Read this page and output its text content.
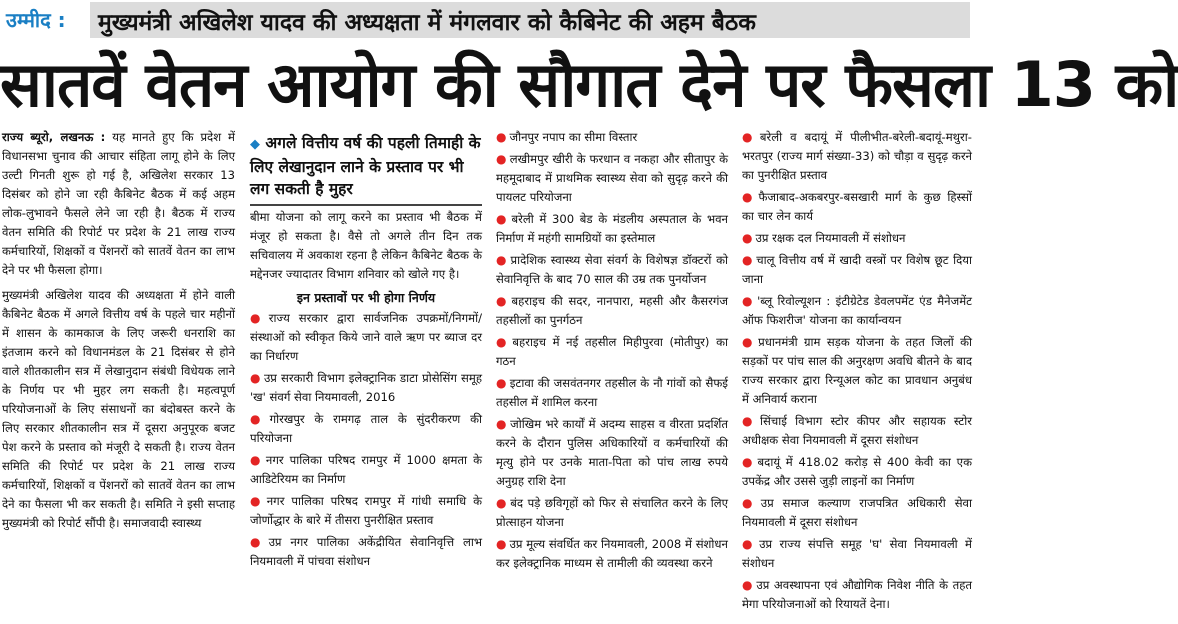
उम्मीद : मुख्यमंत्री अखिलेश यादव की अध्यक्षता में मंगलवार को कैबिनेट की अहम बैठक
सातवें वेतन आयोग की सौगात देने पर फैसला 13 को

राज्य ब्यूरो, लखनऊ : यह मानते हुए कि प्रदेश में विधानसभा चुनाव की आचार संहिता लागू होने के लिए उल्टी गिनती शुरू हो गई है, अखिलेश सरकार 13 दिसंबर को होने जा रही कैबिनेट बैठक में कई अहम लोक-लुभावने फैसले लेने जा रही है। बैठक में राज्य वेतन समिति की रिपोर्ट पर प्रदेश के 21 लाख राज्य कर्मचारियों, शिक्षकों व पेंशनरों को सातवें वेतन का लाभ देने पर भी फैसला होगा।

मुख्यमंत्री अखिलेश यादव की अध्यक्षता में होने वाली कैबिनेट बैठक में अगले वित्तीय वर्ष के पहले चार महीनों में शासन के कामकाज के लिए जरूरी धनराशि का इंतजाम करने को विधानमंडल के 21 दिसंबर से होने वाले शीतकालीन सत्र में लेखानुदान संबंधी विधेयक लाने के निर्णय पर भी मुहर लग सकती है। महत्वपूर्ण परियोजनाओं के लिए संसाधनों का बंदोबस्त करने के लिए सरकार शीतकालीन सत्र में दूसरा अनुपूरक बजट पेश करने के प्रस्ताव को मंजूरी दे सकती है। राज्य वेतन समिति की रिपोर्ट पर प्रदेश के 21 लाख राज्य कर्मचारियों, शिक्षकों व पेंशनरों को सातवें वेतन का लाभ देने का फैसला भी कर सकती है। समिति ने इसी सप्ताह मुख्यमंत्री को रिपोर्ट सौंपी है। समाजवादी स्वास्थ्य

◆ अगले वित्तीय वर्ष की पहली तिमाही के लिए लेखानुदान लाने के प्रस्ताव पर भी लग सकती है मुहर

बीमा योजना को लागू करने का प्रस्ताव भी बैठक में मंजूर हो सकता है। वैसे तो अगले तीन दिन तक सचिवालय में अवकाश रहना है लेकिन कैबिनेट बैठक के मद्देनजर ज्यादातर विभाग शनिवार को खोले गए है।

इन प्रस्तावों पर भी होगा निर्णय
● राज्य सरकार द्वारा सार्वजनिक उपक्रमों/निगमों/संस्थाओं को स्वीकृत किये जाने वाले ऋण पर ब्याज दर का निर्धारण
● उप्र सरकारी विभाग इलेक्ट्रानिक डाटा प्रोसेसिंग समूह 'ख' संवर्ग सेवा नियमावली, 2016
● गोरखपुर के रामगढ़ ताल के सुंदरीकरण की परियोजना
● नगर पालिका परिषद रामपुर में 1000 क्षमता के आडिटेरियम का निर्माण
● नगर पालिका परिषद रामपुर में गांधी समाधि के जोर्णोद्धार के बारे में तीसरा पुनरीक्षित प्रस्ताव
● उप्र नगर पालिका अकेंद्रीयित सेवानिवृत्ति लाभ नियमावली में पांचवा संशोधन
● जौनपुर नपाप का सीमा विस्तार
● लखीमपुर खीरी के फरधान व नकहा और सीतापुर के महमूदाबाद में प्राथमिक स्वास्थ्य सेवा को सुदृढ़ करने की पायलट परियोजना
● बरेली में 300 बेड के मंडलीय अस्पताल के भवन निर्माण में महंगी सामग्रियों का इस्तेमाल
● प्रादेशिक स्वास्थ्य सेवा संवर्ग के विशेषज्ञ डॉक्टरों को सेवानिवृत्ति के बाद 70 साल की उम्र तक पुनर्योजन
● बहराइच की सदर, नानपारा, महसी और कैसरगंज तहसीलों का पुनर्गठन
● बहराइच में नई तहसील मिहीपुरवा (मोतीपुर) का गठन
● इटावा की जसवंतनगर तहसील के नौ गांवों को सैफई तहसील में शामिल करना
● जोखिम भरे कार्यों में अदम्य साहस व वीरता प्रदर्शित करने के दौरान पुलिस अधिकारियों व कर्मचारियों की मृत्यु होने पर उनके माता-पिता को पांच लाख रुपये अनुग्रह राशि देना
● बंद पड़े छविगृहों को फिर से संचालित करने के लिए प्रोत्साहन योजना
● उप्र मूल्य संवर्धित कर नियमावली, 2008 में संशोधन कर इलेक्ट्रानिक माध्यम से तामीली की व्यवस्था करने
● बरेली व बदायूं में पीलीभीत-बरेली-बदायूं-मथुरा-भरतपुर (राज्य मार्ग संख्या-33) को चौड़ा व सुदृढ़ करने का पुनरीक्षित प्रस्ताव
● फैजाबाद-अकबरपुर-बसखारी मार्ग के कुछ हिस्सों का चार लेन कार्य
● उप्र रक्षक दल नियमावली में संशोधन
● चालू वित्तीय वर्ष में खादी वस्त्रों पर विशेष छूट दिया जाना
● 'ब्लू रिवोल्यूशन : इंटीग्रेटेड डेवलपमेंट एंड मैनेजमेंट ऑफ फिशरीज' योजना का कार्यान्वयन
● प्रधानमंत्री ग्राम सड़क योजना के तहत जिलों की सड़कों पर पांच साल की अनुरक्षण अवधि बीतने के बाद राज्य सरकार द्वारा रिन्यूअल कोट का प्रावधान अनुबंध में अनिवार्य कराना
● सिंचाई विभाग स्टोर कीपर और सहायक स्टोर अधीक्षक सेवा नियमावली में दूसरा संशोधन
● बदायूं में 418.02 करोड़ से 400 केवी का एक उपकेंद्र और उससे जुड़ी लाइनों का निर्माण
● उप्र समाज कल्याण राजपत्रित अधिकारी सेवा नियमावली में दूसरा संशोधन
● उप्र राज्य संपत्ति समूह 'घ' सेवा नियमावली में संशोधन
● उप्र अवस्थापना एवं औद्योगिक निवेश नीति के तहत मेगा परियोजनाओं को रियायतें देना।
